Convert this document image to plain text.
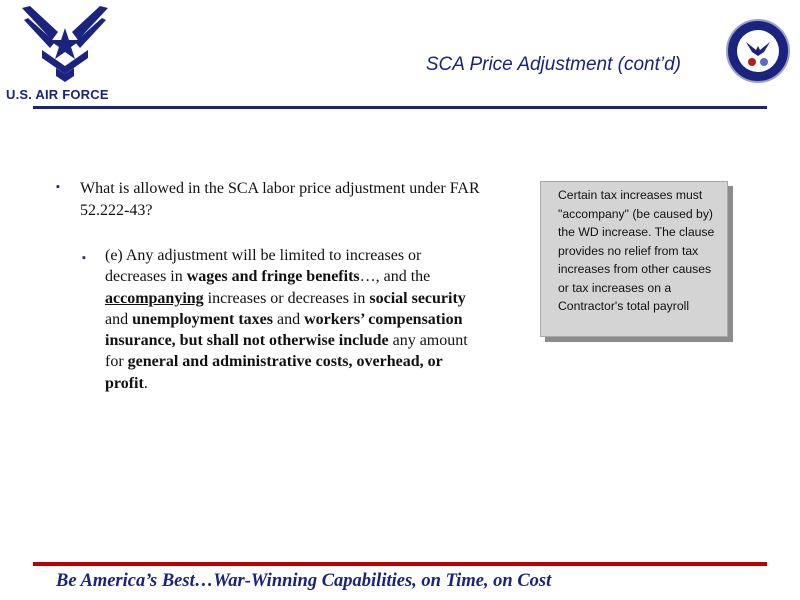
U.S. AIR FORCE
SCA Price Adjustment (cont’d)
▪ What is allowed in the SCA labor price adjustment under FAR 52.222-43?
▪ (e) Any adjustment will be limited to increases or decreases in wages and fringe benefits…, and the accompanying increases or decreases in social security and unemployment taxes and workers’ compensation insurance, but shall not otherwise include any amount for general and administrative costs, overhead, or profit.
Certain tax increases must "accompany" (be caused by) the WD increase. The clause provides no relief from tax increases from other causes or tax increases on a Contractor's total payroll
Be America’s Best…War-Winning Capabilities, on Time, on Cost
